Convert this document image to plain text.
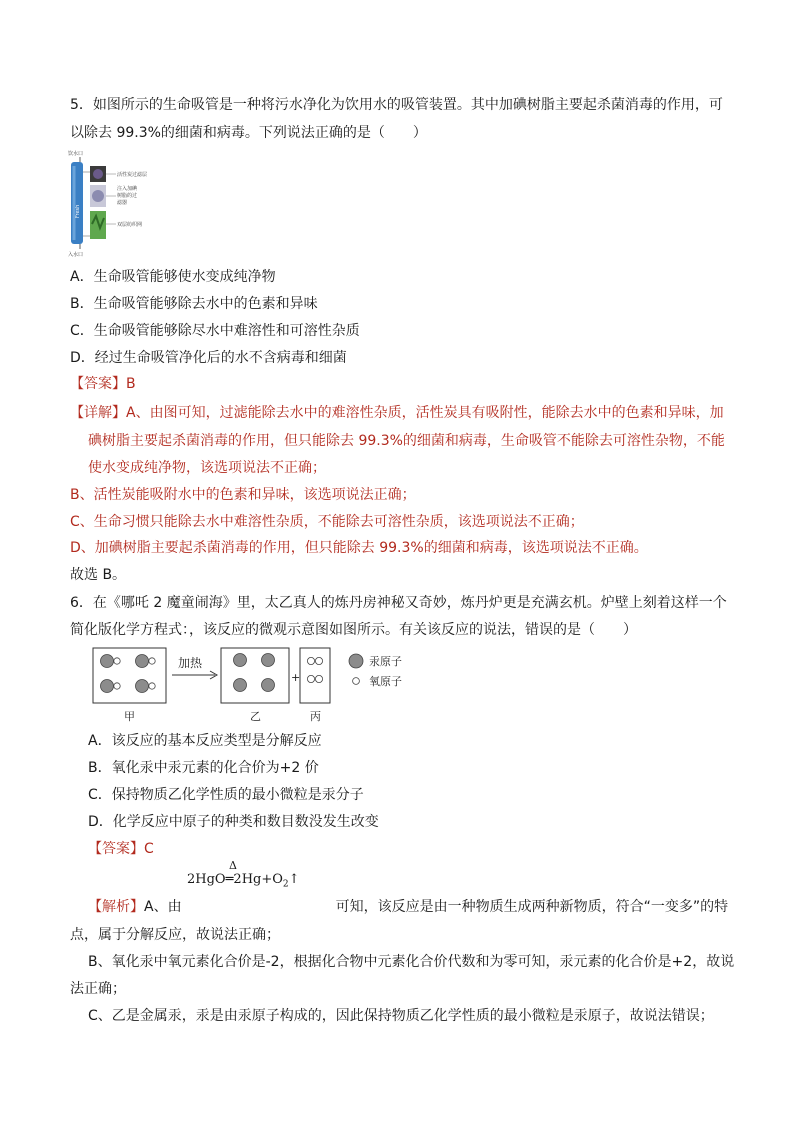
5．如图所示的生命吸管是一种将污水净化为饮用水的吸管装置。其中加碘树脂主要起杀菌消毒的作用，可
以除去 99.3%的细菌和病毒。下列说法正确的是（　　）
饮水口
Fresh
活性炭过滤层
注入加碘
树脂的过
滤器
双层纺织网
入水口
A．生命吸管能够使水变成纯净物
B．生命吸管能够除去水中的色素和异味
C．生命吸管能够除尽水中难溶性和可溶性杂质
D．经过生命吸管净化后的水不含病毒和细菌
【答案】B
【详解】A、由图可知，过滤能除去水中的难溶性杂质，活性炭具有吸附性，能除去水中的色素和异味，加
碘树脂主要起杀菌消毒的作用，但只能除去 99.3%的细菌和病毒，生命吸管不能除去可溶性杂物，不能
使水变成纯净物，该选项说法不正确；
B、活性炭能吸附水中的色素和异味，该选项说法正确；
C、生命习惯只能除去水中难溶性杂质，不能除去可溶性杂质，该选项说法不正确；
D、加碘树脂主要起杀菌消毒的作用，但只能除去 99.3%的细菌和病毒，该选项说法不正确。
故选 B。
6．在《哪吒 2 魔童闹海》里，太乙真人的炼丹房神秘又奇妙，炼丹炉更是充满玄机。炉壁上刻着这样一个
简化版化学方程式：，该反应的微观示意图如图所示。有关该反应的说法，错误的是（　　）
加热
+
甲	乙	丙
汞原子
氧原子
A．该反应的基本反应类型是分解反应
B．氧化汞中汞元素的化合价为+2 价
C．保持物质乙化学性质的最小微粒是汞分子
D．化学反应中原子的种类和数目数没发生改变
【答案】C
Δ
$2HgO═2Hg+O_2↑$
【解析】A、由　　　　　　　　　　　可知，该反应是由一种物质生成两种新物质，符合“一变多”的特
点，属于分解反应，故说法正确；
B、氧化汞中氧元素化合价是-2，根据化合物中元素化合价代数和为零可知，汞元素的化合价是+2，故说
法正确；
C、乙是金属汞，汞是由汞原子构成的，因此保持物质乙化学性质的最小微粒是汞原子，故说法错误；
